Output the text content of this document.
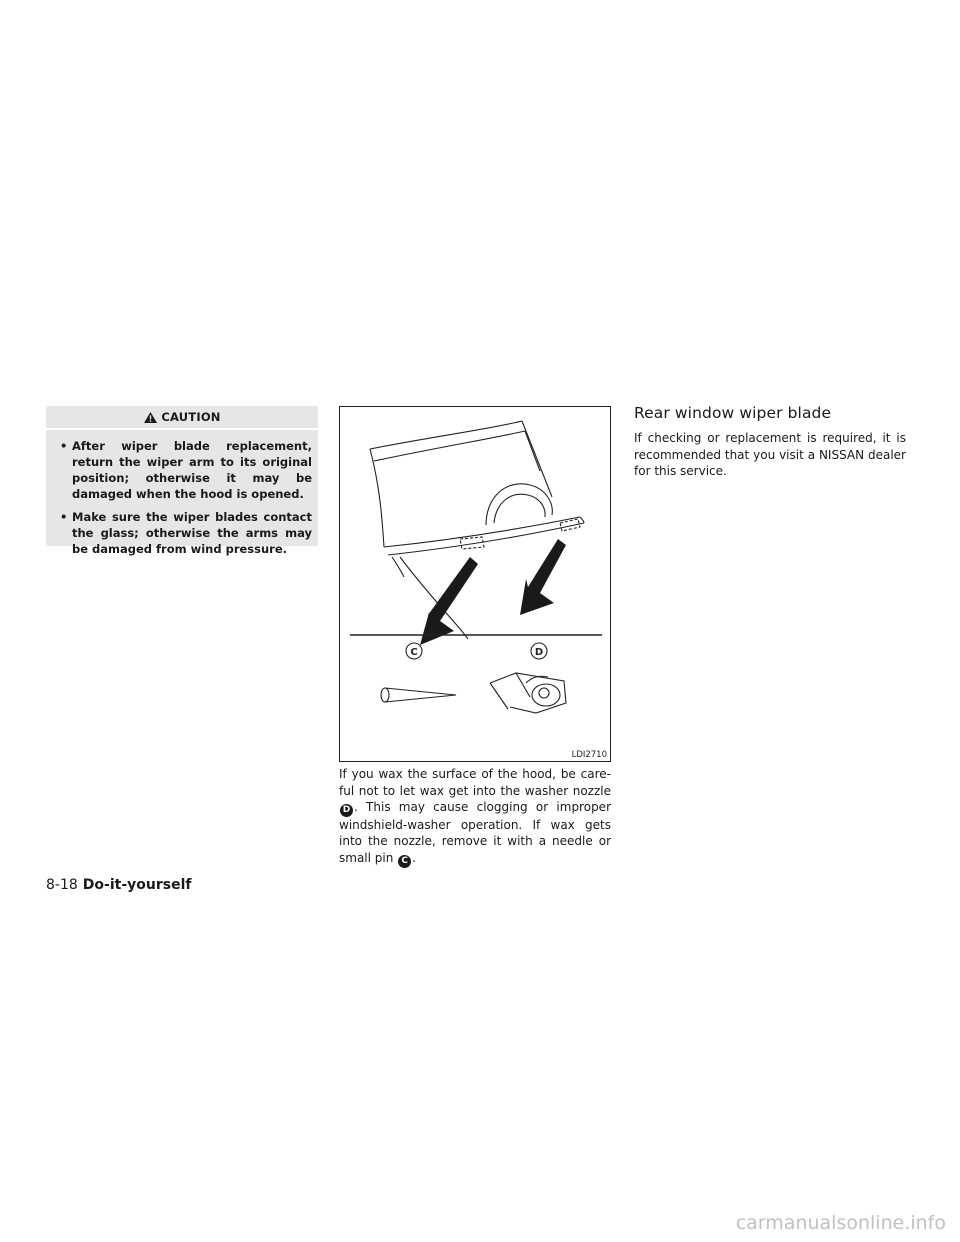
CAUTION
• After wiper blade replacement, return the wiper arm to its original position; otherwise it may be damaged when the hood is opened.
• Make sure the wiper blades contact the glass; otherwise the arms may be damaged from wind pressure.
C	D
LDI2710

If you wax the surface of the hood, be care-ful not to let wax get into the washer nozzle D . This may cause clogging or improper windshield-washer operation. If wax gets into the nozzle, remove it with a needle or small pin C .

Rear window wiper blade

If checking or replacement is required, it is recommended that you visit a NISSAN dealer for this service.

8-18 Do-it-yourself
carmanualsonline.info
